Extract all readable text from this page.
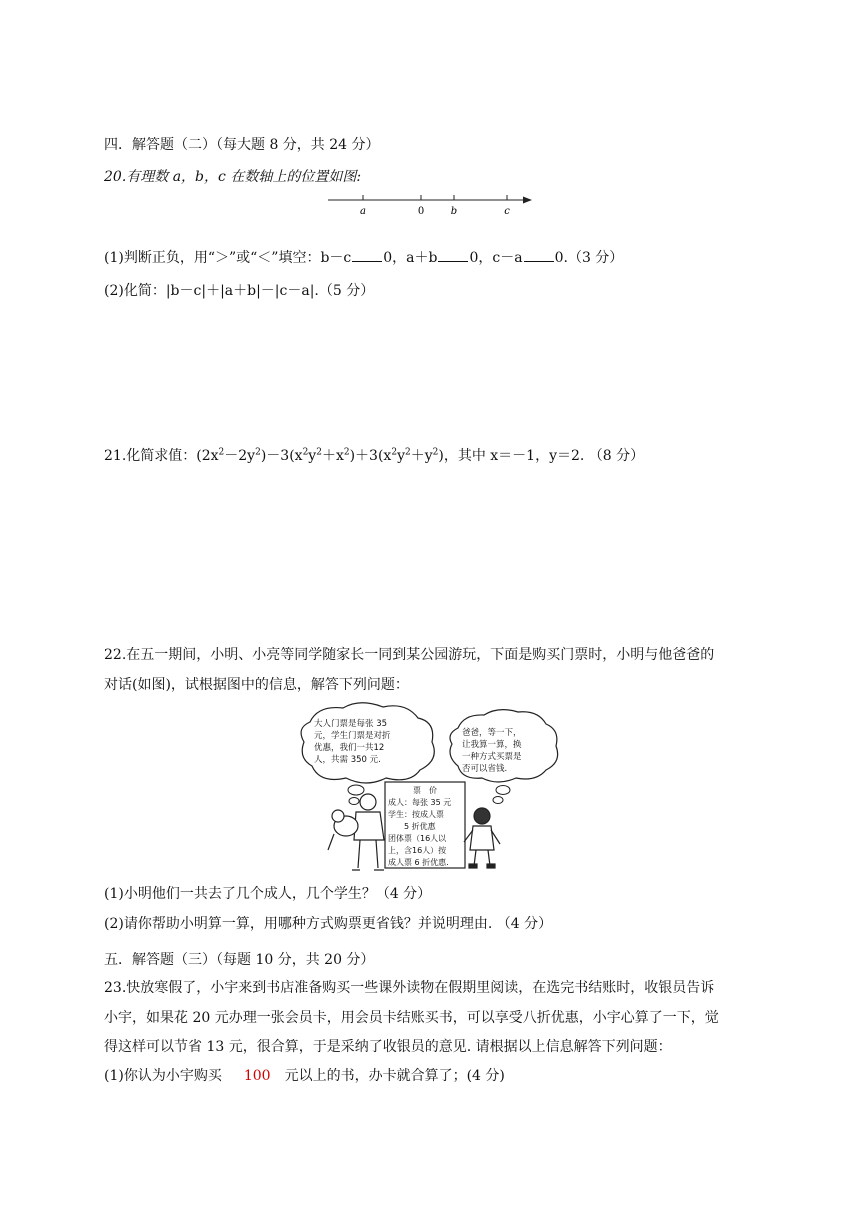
四．解答题（二）（每大题 8 分，共 24 分）
20.有理数 a，b，c 在数轴上的位置如图:
a	0	b	c
(1)判断正负，用“＞”或“＜”填空：b－c 0，a＋b 0，c－a 0.（3 分）
(2)化简：|b－c|＋|a＋b|－|c－a|.（5 分）
21.化简求值：$(2x^2-2y^2)-3(x^2y^2+x^2)+3(x^2y^2+y^2)$，其中 x＝－1，y＝2. （8 分）
22.在五一期间，小明、小亮等同学随家长一同到某公园游玩，下面是购买门票时，小明与他爸爸的
对话(如图)，试根据图中的信息，解答下列问题：
大人门票是每张 35
元，学生门票是对折
优惠，我们一共12
人，共需 350 元.
爸爸，等一下，
让我算一算，换
一种方式买票是
否可以省钱.
票　价
成人：每张 35 元
学生：按成人票
　　5 折优惠
团体票（16人以
上，含16人）按
成人票 6 折优惠.
(1)小明他们一共去了几个成人，几个学生？（4 分）
(2)请你帮助小明算一算，用哪种方式购票更省钱？并说明理由. （4 分）
五．解答题（三）（每题 10 分，共 20 分）
23.快放寒假了，小宇来到书店准备购买一些课外读物在假期里阅读，在选完书结账时，收银员告诉
小宇，如果花 20 元办理一张会员卡，用会员卡结账买书，可以享受八折优惠，小宇心算了一下，觉
得这样可以节省 13 元，很合算，于是采纳了收银员的意见. 请根据以上信息解答下列问题：
(1)你认为小宇购买 100 元以上的书，办卡就合算了；(4 分)
